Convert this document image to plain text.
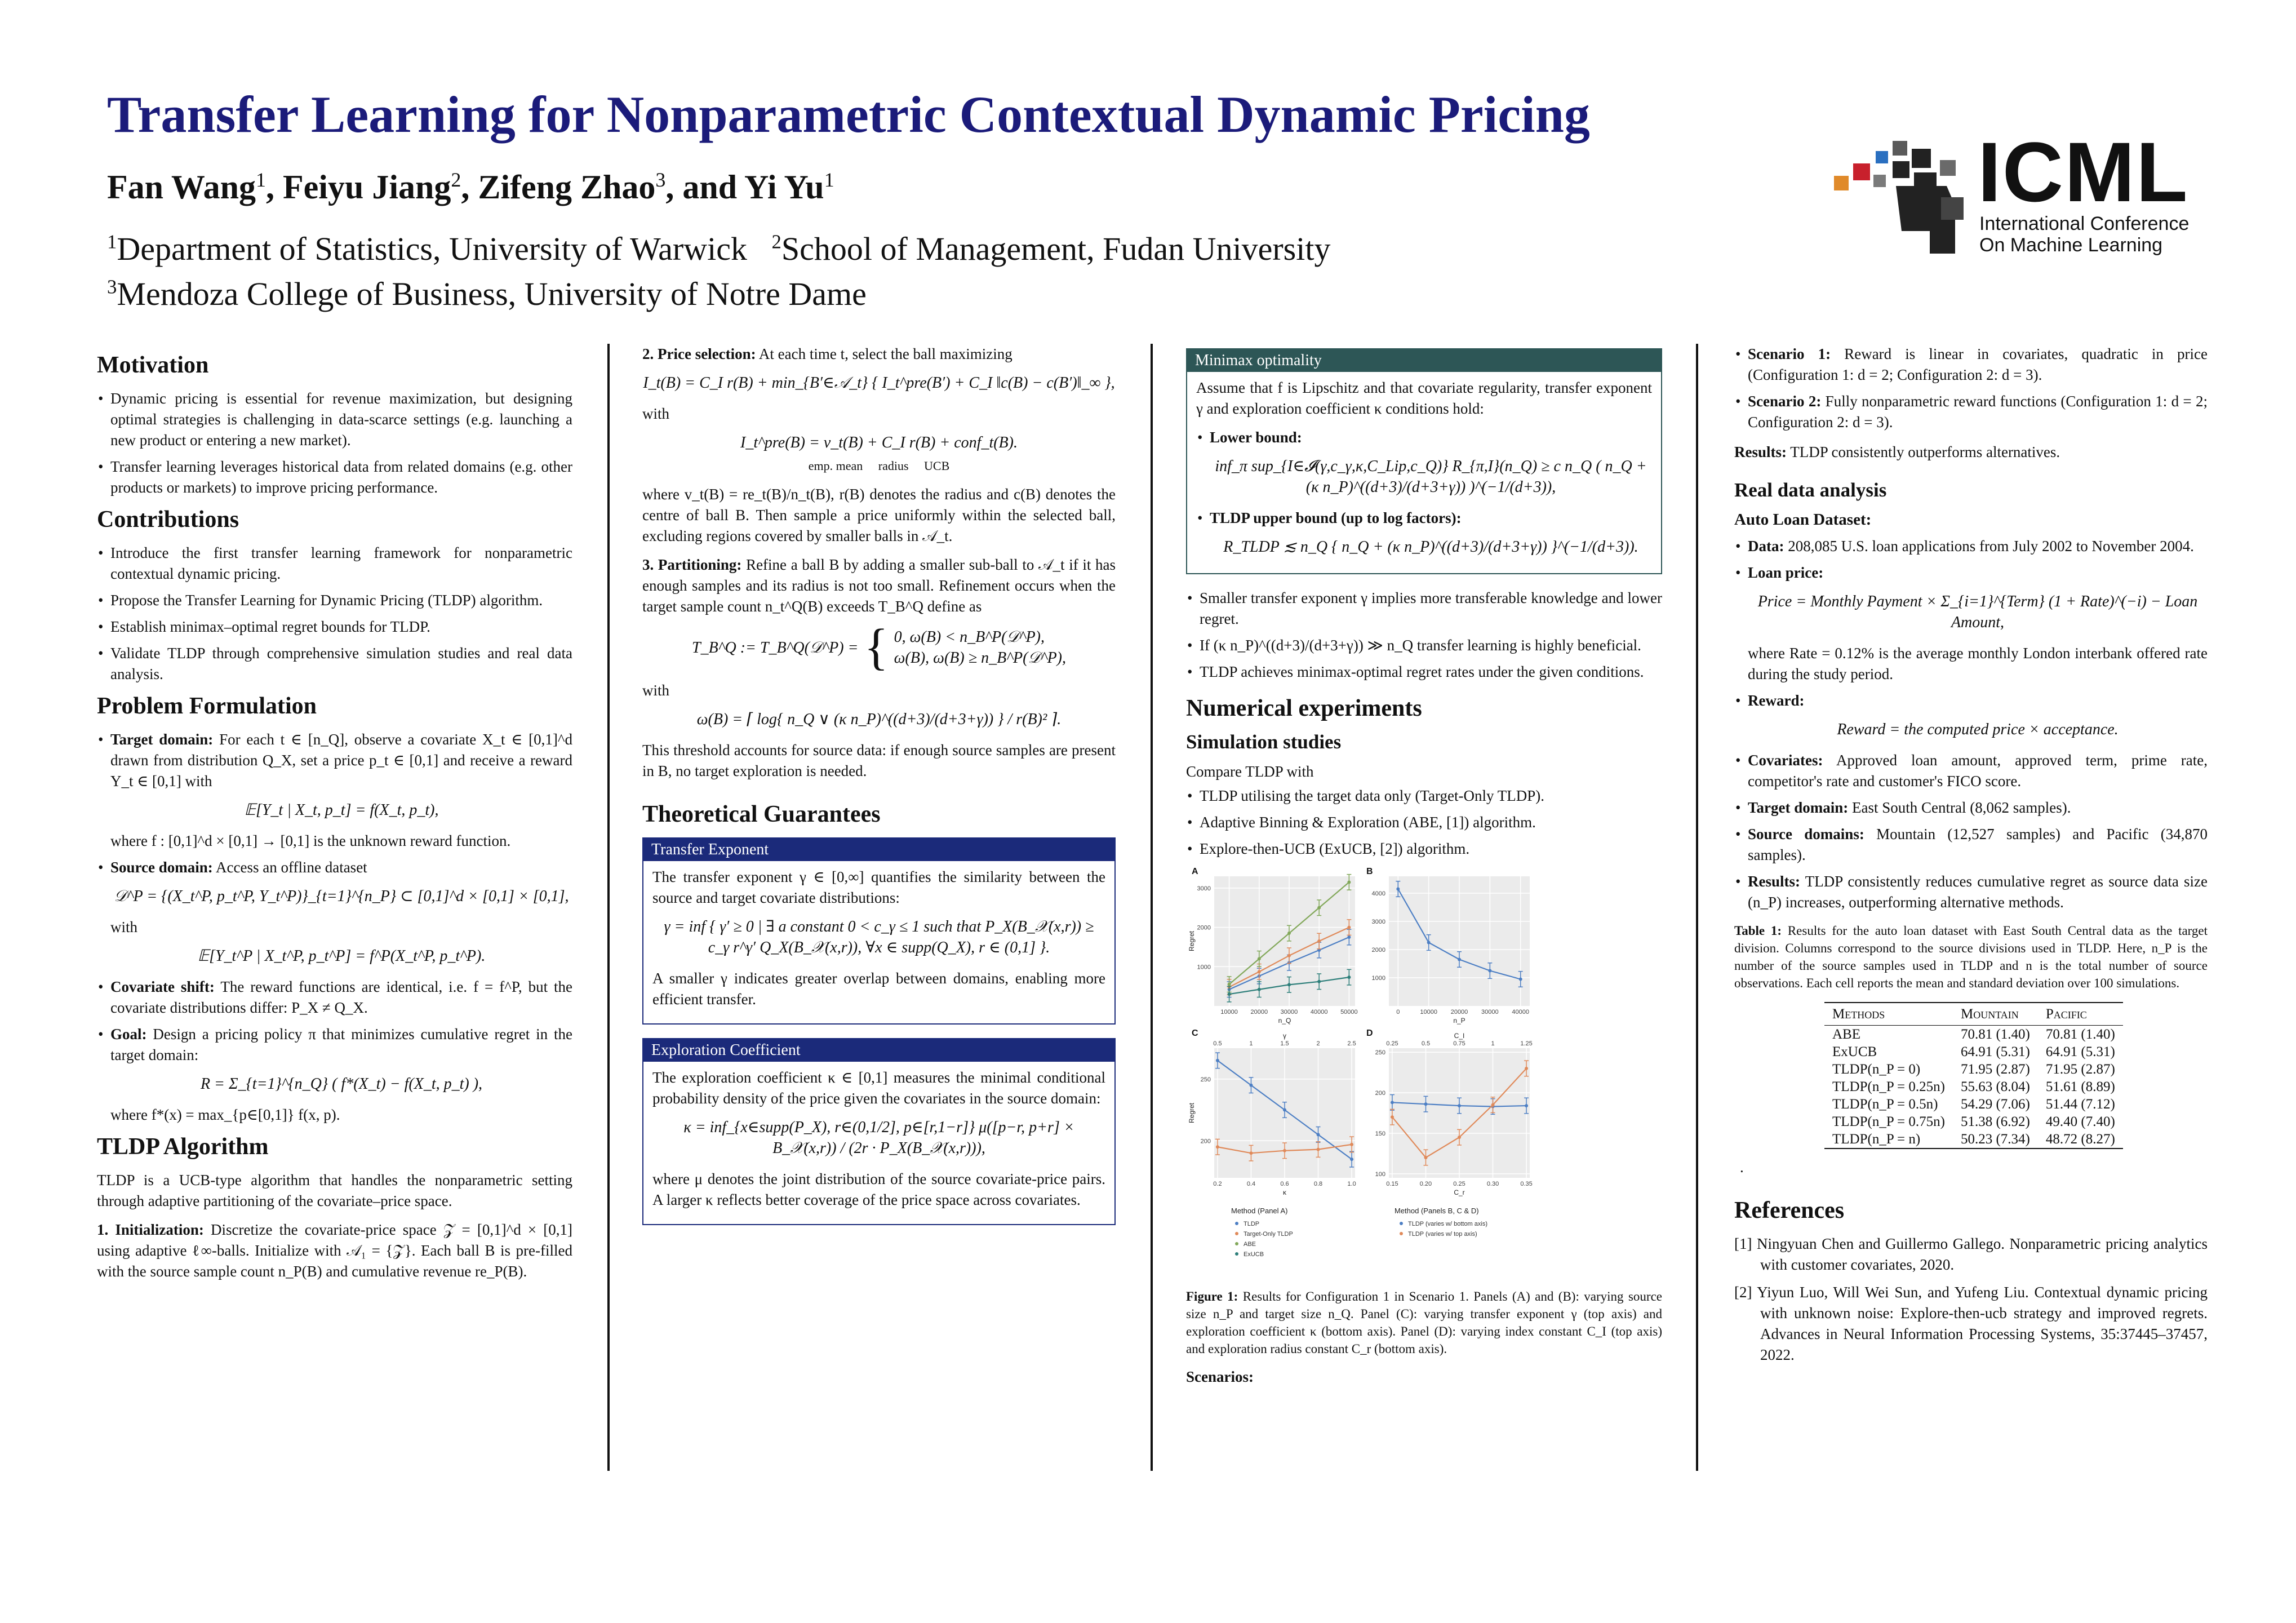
Transfer Learning for Nonparametric Contextual Dynamic Pricing
Fan Wang$^1$, Feiyu Jiang$^2$, Zifeng Zhao$^3$, and Yi Yu$^1$
$^1$Department of Statistics, University of Warwick $^2$School of Management, Fudan University
$^3$Mendoza College of Business, University of Notre Dame
ICML
International Conference
On Machine Learning
Motivation
• Dynamic pricing is essential for revenue maximization, but designing optimal strategies is challenging in data-scarce settings (e.g. launching a new product or entering a new market).
• Transfer learning leverages historical data from related domains (e.g. other products or markets) to improve pricing performance.
Contributions
• Introduce the first transfer learning framework for nonparametric contextual dynamic pricing.
• Propose the Transfer Learning for Dynamic Pricing (TLDP) algorithm.
• Establish minimax–optimal regret bounds for TLDP.
• Validate TLDP through comprehensive simulation studies and real data analysis.
Problem Formulation
• Target domain: For each t ∈ [n_Q], observe a covariate X_t ∈ [0,1]^d drawn from distribution Q_X, set a price p_t ∈ [0,1] and receive a reward Y_t ∈ [0,1] with
𝔼[Y_t | X_t, p_t] = f(X_t, p_t),
where f : [0,1]^d × [0,1] → [0,1] is the unknown reward function.
• Source domain: Access an offline dataset
𝒟^P = {(X_t^P, p_t^P, Y_t^P)}_{t=1}^{n_P} ⊂ [0,1]^d × [0,1] × [0,1],
with
𝔼[Y_t^P | X_t^P, p_t^P] = f^P(X_t^P, p_t^P).
• Covariate shift: The reward functions are identical, i.e. f = f^P, but the covariate distributions differ: P_X ≠ Q_X.
• Goal: Design a pricing policy π that minimizes cumulative regret in the target domain:
R = Σ_{t=1}^{n_Q} ( f*(X_t) − f(X_t, p_t) ),
where f*(x) = max_{p∈[0,1]} f(x, p).
TLDP Algorithm

TLDP is a UCB-type algorithm that handles the nonparametric setting through adaptive partitioning of the covariate–price space.

1. Initialization: Discretize the covariate-price space 𝒵 = [0,1]^d × [0,1] using adaptive ℓ∞-balls. Initialize with 𝒜₁ = {𝒵}. Each ball B is pre-filled with the source sample count n_P(B) and cumulative revenue re_P(B).

2. Price selection: At each time t, select the ball maximizing

I_t(B) = C_I r(B) + min_{B′∈𝒜_t} { I_t^pre(B′) + C_I ‖c(B) − c(B′)‖_∞ },

with

I_t^pre(B) = v_t(B) + C_I r(B) + conf_t(B).
emp. mean radius UCB

where v_t(B) = re_t(B)/n_t(B), r(B) denotes the radius and c(B) denotes the centre of ball B. Then sample a price uniformly within the selected ball, excluding regions covered by smaller balls in 𝒜_t.

3. Partitioning: Refine a ball B by adding a smaller sub-ball to 𝒜_t if it has enough samples and its radius is not too small. Refinement occurs when the target sample count n_t^Q(B) exceeds T_B^Q define as

T_B^Q := T_B^Q(𝒟^P) = { 0, ω(B) < n_B^P(𝒟^P),
ω(B), ω(B) ≥ n_B^P(𝒟^P),

with

ω(B) = ⌈ log{ n_Q ∨ (κ n_P)^((d+3)/(d+3+γ)) } / r(B)² ⌉.

This threshold accounts for source data: if enough source samples are present in B, no target exploration is needed.

Theoretical Guarantees
Transfer Exponent

The transfer exponent γ ∈ [0,∞] quantifies the similarity between the source and target covariate distributions:

γ = inf { γ′ ≥ 0 | ∃ a constant 0 < c_γ ≤ 1 such that P_X(B_𝒳(x,r)) ≥ c_γ r^γ′ Q_X(B_𝒳(x,r)), ∀x ∈ supp(Q_X), r ∈ (0,1] }.

A smaller γ indicates greater overlap between domains, enabling more efficient transfer.

Exploration Coefficient

The exploration coefficient κ ∈ [0,1] measures the minimal conditional probability density of the price given the covariates in the source domain:

κ = inf_{x∈supp(P_X), r∈(0,1/2], p∈[r,1−r]} μ([p−r, p+r] × B_𝒳(x,r)) / (2r · P_X(B_𝒳(x,r))),

where μ denotes the joint distribution of the source covariate-price pairs. A larger κ reflects better coverage of the price space across covariates.

Minimax optimality

Assume that f is Lipschitz and that covariate regularity, transfer exponent γ and exploration coefficient κ conditions hold:

• Lower bound:
inf_π sup_{I∈𝓘(γ,c_γ,κ,C_Lip,c_Q)} R_{π,I}(n_Q) ≥ c n_Q ( n_Q + (κ n_P)^((d+3)/(d+3+γ)) )^(−1/(d+3)),
• TLDP upper bound (up to log factors):
R_TLDP ≲ n_Q { n_Q + (κ n_P)^((d+3)/(d+3+γ)) }^(−1/(d+3)).
• Smaller transfer exponent γ implies more transferable knowledge and lower regret.
• If (κ n_P)^((d+3)/(d+3+γ)) ≫ n_Q transfer learning is highly beneficial.
• TLDP achieves minimax-optimal regret rates under the given conditions.
Numerical experiments
Simulation studies

Compare TLDP with

• TLDP utilising the target data only (Target-Only TLDP).
• Adaptive Binning & Exploration (ABE, [1]) algorithm.
• Explore-then-UCB (ExUCB, [2]) algorithm.
1000
2000
3000
10000 20000 30000 40000 50000
A
n_Q
Regret
1000
2000
3000
4000
0	10000 20000 30000 40000
B
n_P
200
250
0.2	0.4	0.6	0.8	1.0
0.5	1	1.5	2	2.5
γ
C
κ
Regret
100
150
200
250
0.15	0.20	0.25	0.30	0.35
0.25	0.5	0.75	1	1.25
C_I
D
C_r
Method (Panel A)
TLDP
Target-Only TLDP
ABE
ExUCB
Method (Panels B, C & D)
TLDP (varies w/ bottom axis)
TLDP (varies w/ top axis)

Figure 1: Results for Configuration 1 in Scenario 1. Panels (A) and (B): varying source size n_P and target size n_Q. Panel (C): varying transfer exponent γ (top axis) and exploration coefficient κ (bottom axis). Panel (D): varying index constant C_I (top axis) and exploration radius constant C_r (bottom axis).

Scenarios:

• Scenario 1: Reward is linear in covariates, quadratic in price (Configuration 1: d = 2; Configuration 2: d = 3).
• Scenario 2: Fully nonparametric reward functions (Configuration 1: d = 2; Configuration 2: d = 3).

Results: TLDP consistently outperforms alternatives.

Real data analysis
Auto Loan Dataset:
• Data: 208,085 U.S. loan applications from July 2002 to November 2004.
• Loan price:
Price = Monthly Payment × Σ_{i=1}^{Term} (1 + Rate)^(−i) − Loan Amount,
where Rate = 0.12% is the average monthly London interbank offered rate during the study period.
• Reward:
Reward = the computed price × acceptance.
• Covariates: Approved loan amount, approved term, prime rate, competitor's rate and customer's FICO score.
• Target domain: East South Central (8,062 samples).
• Source domains: Mountain (12,527 samples) and Pacific (34,870 samples).
• Results: TLDP consistently reduces cumulative regret as source data size (n_P) increases, outperforming alternative methods.

Table 1: Results for the auto loan dataset with East South Central data as the target division. Columns correspond to the source divisions used in TLDP. Here, n_P is the number of the source samples used in TLDP and n is the total number of source observations. Each cell reports the mean and standard deviation over 100 simulations.

Methods	Mountain	Pacific
ABE	70.81 (1.40)	70.81 (1.40)
ExUCB	64.91 (5.31)	64.91 (5.31)
TLDP(n_P = 0)	71.95 (2.87)	71.95 (2.87)
TLDP(n_P = 0.25n)	55.63 (8.04)	51.61 (8.89)
TLDP(n_P = 0.5n)	54.29 (7.06)	51.44 (7.12)
TLDP(n_P = 0.75n)	51.38 (6.92)	49.40 (7.40)
TLDP(n_P = n)	50.23 (7.34)	48.72 (8.27)

.

References
[1] Ningyuan Chen and Guillermo Gallego. Nonparametric pricing analytics with customer covariates, 2020.
[2] Yiyun Luo, Will Wei Sun, and Yufeng Liu. Contextual dynamic pricing with unknown noise: Explore-then-ucb strategy and improved regrets. Advances in Neural Information Processing Systems, 35:37445–37457, 2022.
